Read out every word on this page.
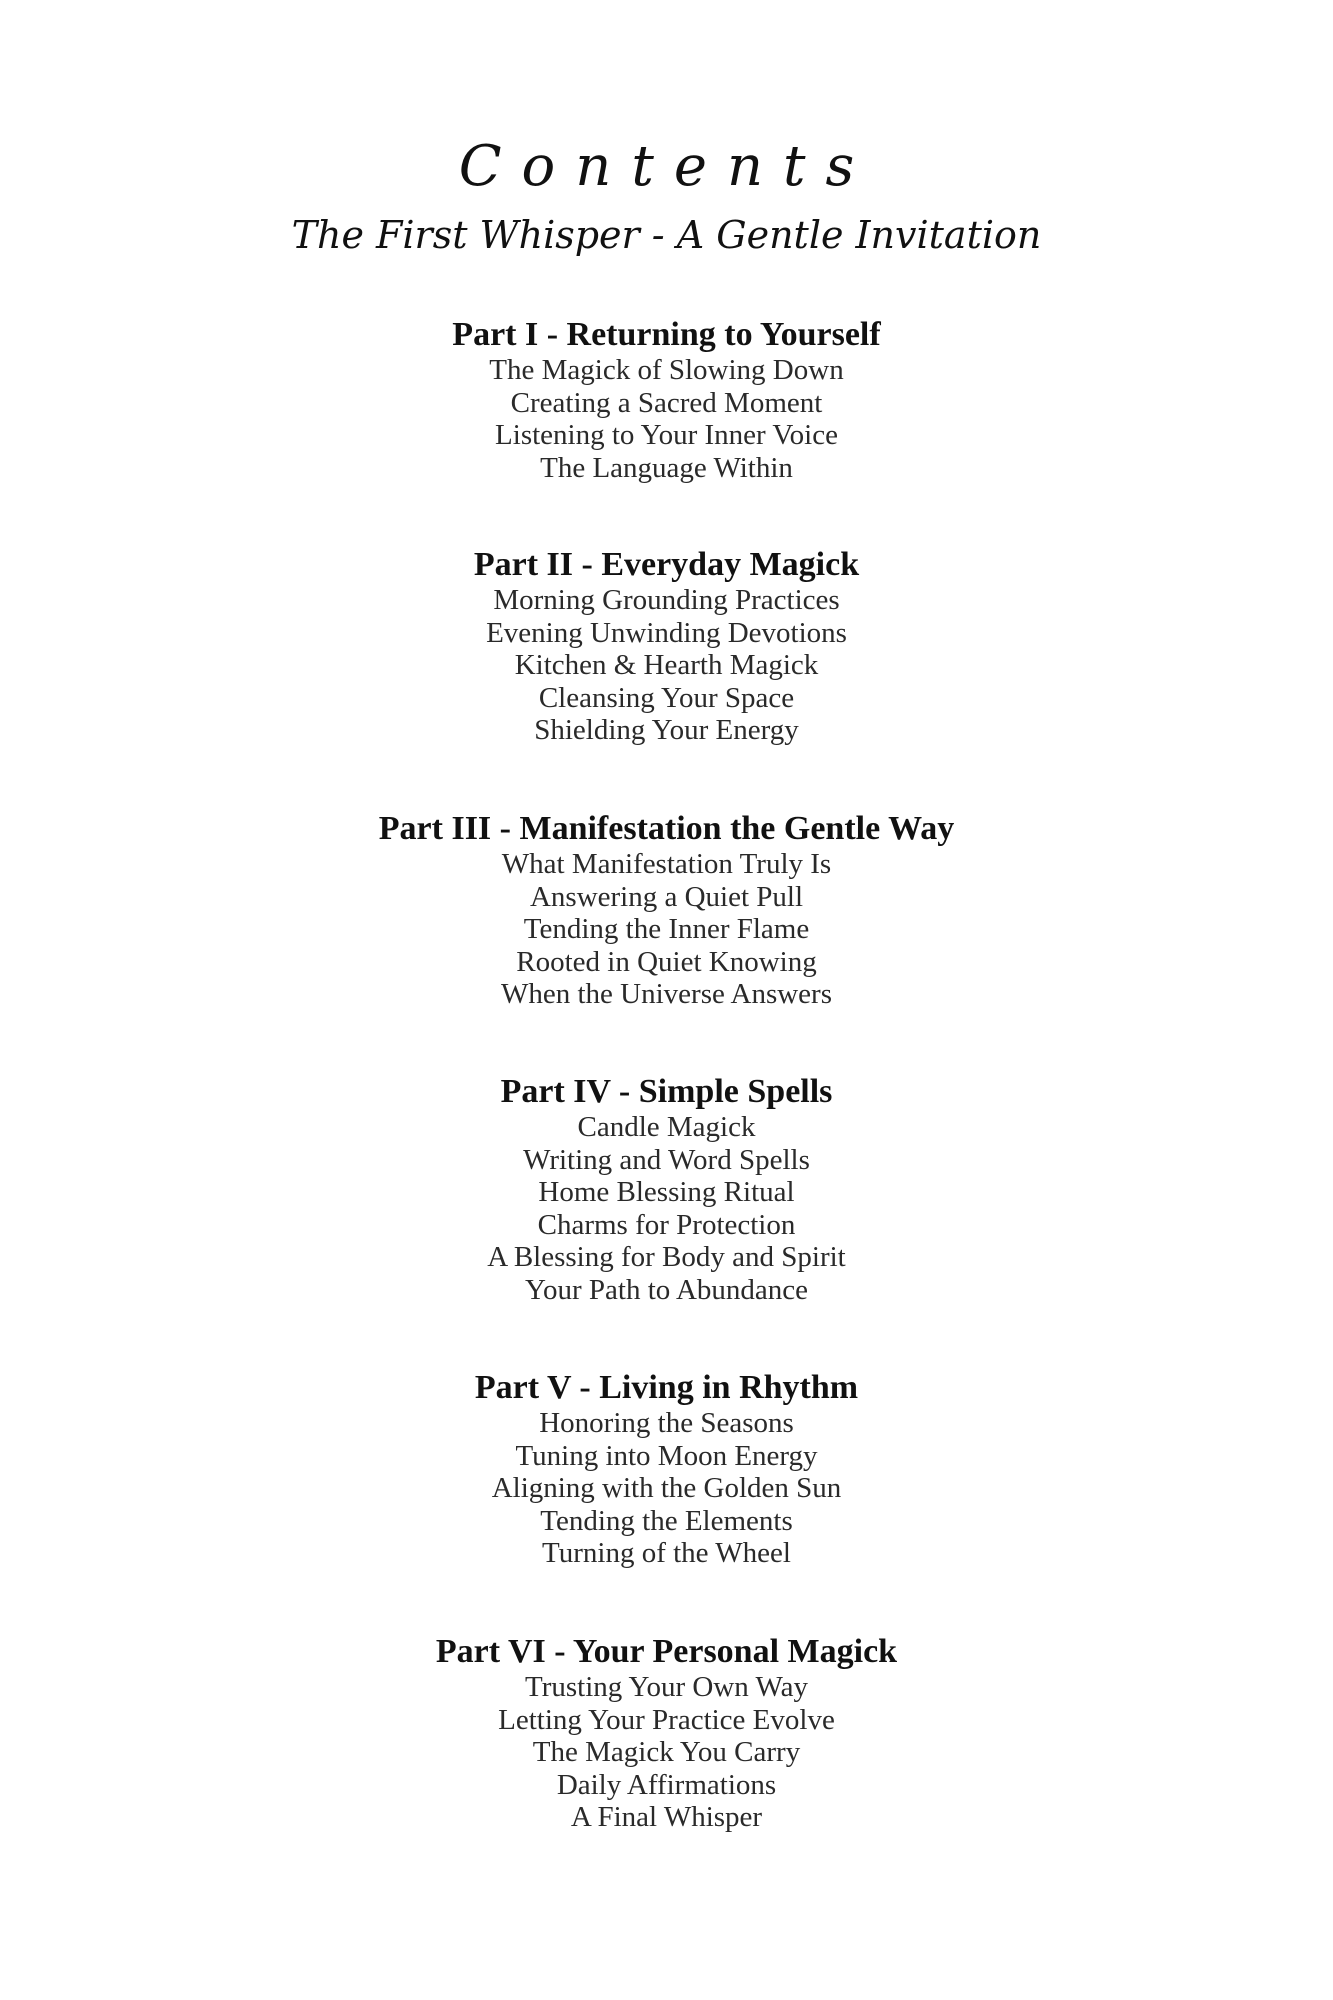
Contents
The First Whisper - A Gentle Invitation
Part I - Returning to Yourself
The Magick of Slowing Down
Creating a Sacred Moment
Listening to Your Inner Voice
The Language Within
Part II - Everyday Magick
Morning Grounding Practices
Evening Unwinding Devotions
Kitchen & Hearth Magick
Cleansing Your Space
Shielding Your Energy
Part III - Manifestation the Gentle Way
What Manifestation Truly Is
Answering a Quiet Pull
Tending the Inner Flame
Rooted in Quiet Knowing
When the Universe Answers
Part IV - Simple Spells
Candle Magick
Writing and Word Spells
Home Blessing Ritual
Charms for Protection
A Blessing for Body and Spirit
Your Path to Abundance
Part V - Living in Rhythm
Honoring the Seasons
Tuning into Moon Energy
Aligning with the Golden Sun
Tending the Elements
Turning of the Wheel
Part VI - Your Personal Magick
Trusting Your Own Way
Letting Your Practice Evolve
The Magick You Carry
Daily Affirmations
A Final Whisper
